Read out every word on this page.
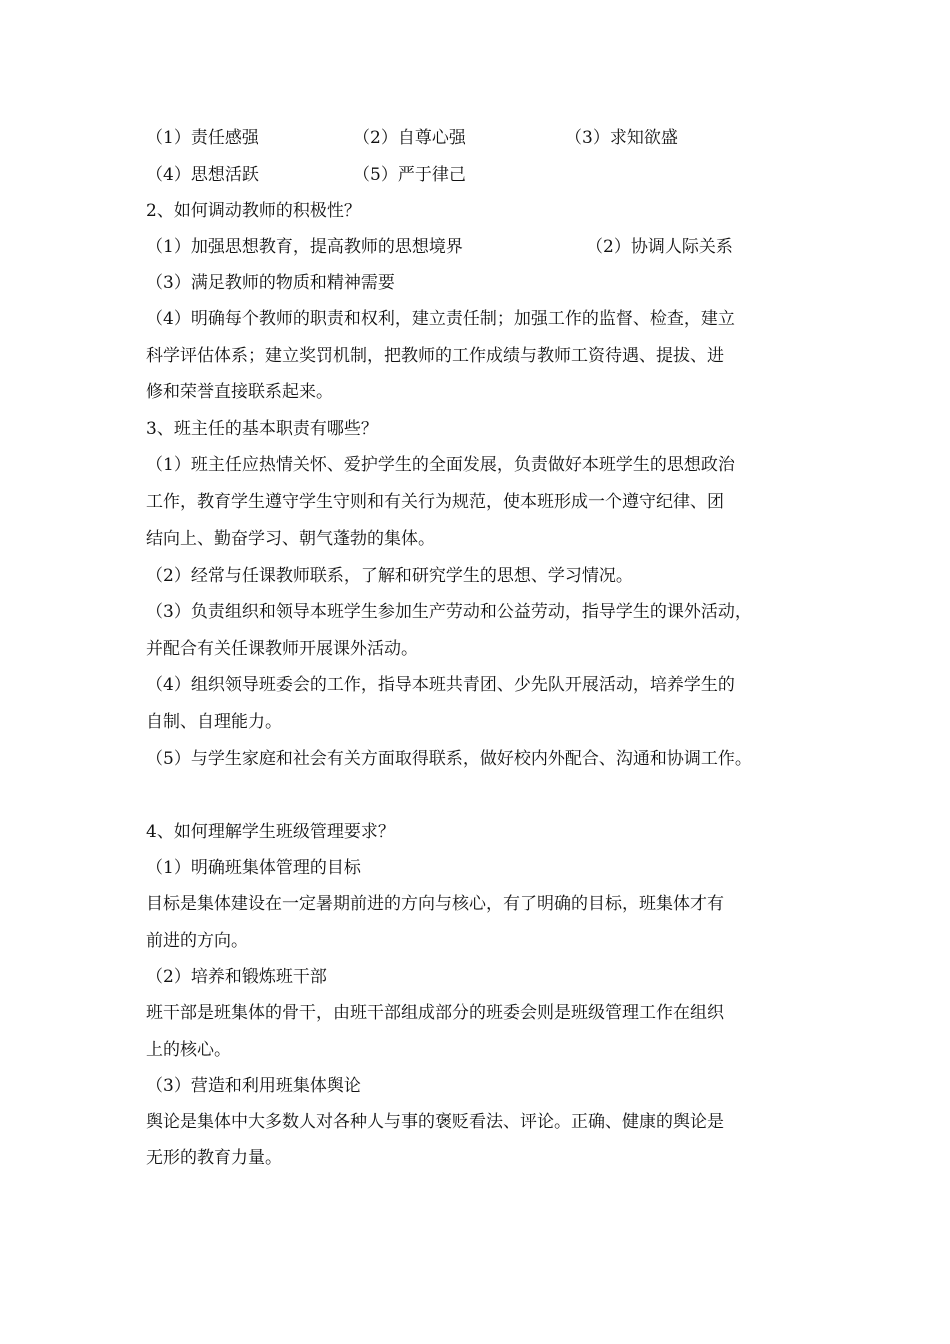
（1）责任感强	（2）自尊心强	（3）求知欲盛
（4）思想活跃	（5）严于律己
2、如何调动教师的积极性？
（1）加强思想教育，提高教师的思想境界	（2）协调人际关系
（3）满足教师的物质和精神需要
（4）明确每个教师的职责和权利，建立责任制；加强工作的监督、检查，建立
科学评估体系；建立奖罚机制，把教师的工作成绩与教师工资待遇、提拔、进
修和荣誉直接联系起来。
3、班主任的基本职责有哪些？
（1）班主任应热情关怀、爱护学生的全面发展，负责做好本班学生的思想政治
工作，教育学生遵守学生守则和有关行为规范，使本班形成一个遵守纪律、团
结向上、勤奋学习、朝气蓬勃的集体。
（2）经常与任课教师联系，了解和研究学生的思想、学习情况。
（3）负责组织和领导本班学生参加生产劳动和公益劳动，指导学生的课外活动，
并配合有关任课教师开展课外活动。
（4）组织领导班委会的工作，指导本班共青团、少先队开展活动，培养学生的
自制、自理能力。
（5）与学生家庭和社会有关方面取得联系，做好校内外配合、沟通和协调工作。
4、如何理解学生班级管理要求？
（1）明确班集体管理的目标
目标是集体建设在一定暑期前进的方向与核心，有了明确的目标，班集体才有
前进的方向。
（2）培养和锻炼班干部
班干部是班集体的骨干，由班干部组成部分的班委会则是班级管理工作在组织
上的核心。
（3）营造和利用班集体舆论
舆论是集体中大多数人对各种人与事的褒贬看法、评论。正确、健康的舆论是
无形的教育力量。
